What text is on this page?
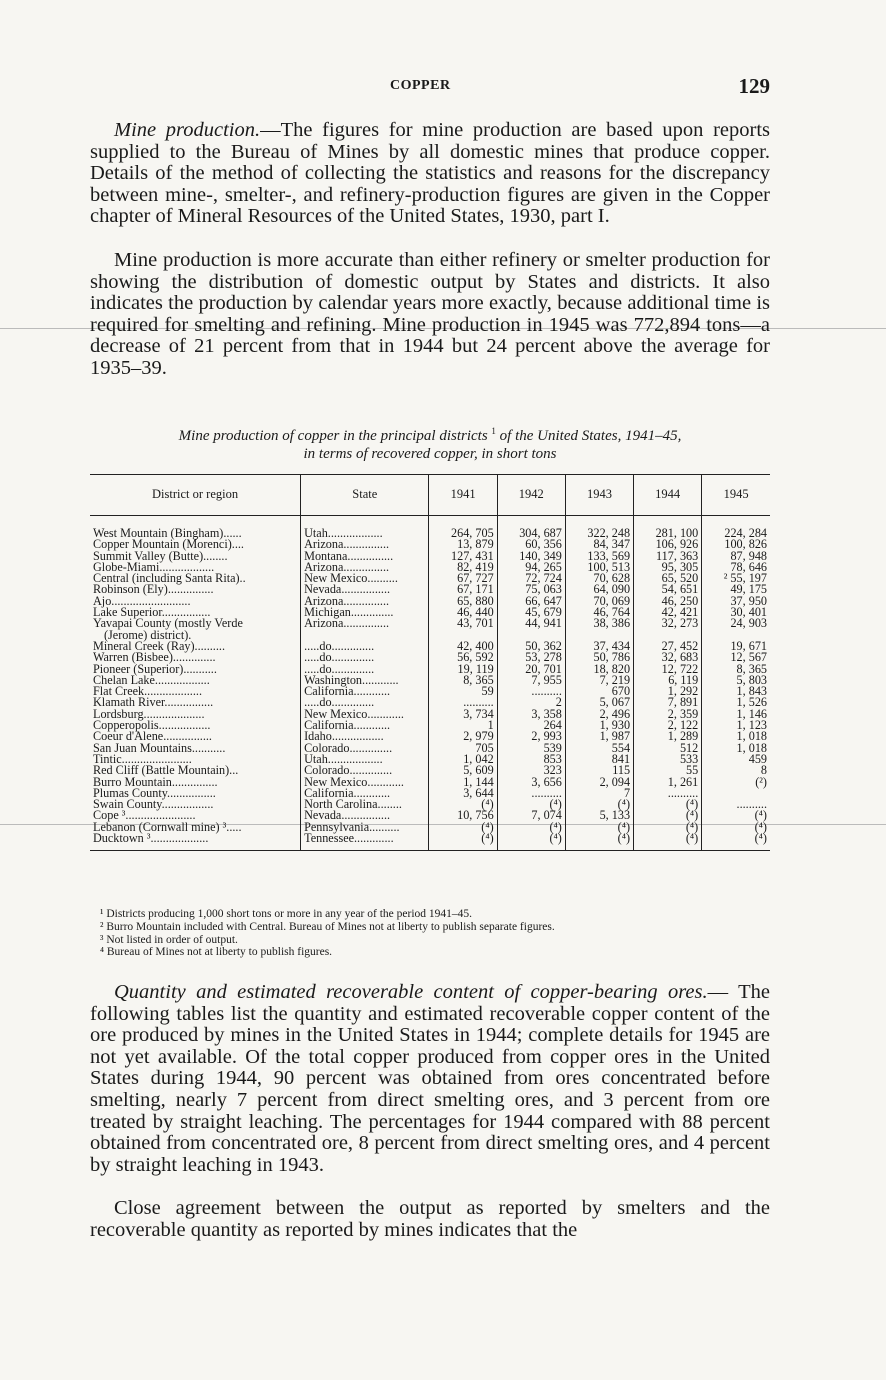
COPPER	129

Mine production.—The figures for mine production are based upon reports supplied to the Bureau of Mines by all domestic mines that produce copper. Details of the method of collecting the statistics and reasons for the discrepancy between mine-, smelter-, and refinery-production figures are given in the Copper chapter of Mineral Resources of the United States, 1930, part I.

Mine production is more accurate than either refinery or smelter production for showing the distribution of domestic output by States and districts. It also indicates the production by calendar years more exactly, because additional time is required for smelting and refining. Mine production in 1945 was 772,894 tons—a decrease of 21 percent from that in 1944 but 24 percent above the average for 1935–39.

Mine production of copper in the principal districts $^1$ of the United States, 1941–45,
in terms of recovered copper, in short tons
District or region	State	1941	1942	1943	1944	1945
West Mountain (Bingham)......	Utah..................	264, 705	304, 687	322, 248	281, 100	224, 284
Copper Mountain (Morenci)....	Arizona...............	13, 879	60, 356	84, 347	106, 926	100, 826
Summit Valley (Butte)........	Montana...............	127, 431	140, 349	133, 569	117, 363	87, 948
Globe-Miami..................	Arizona...............	82, 419	94, 265	100, 513	95, 305	78, 646
Central (including Santa Rita)..	New Mexico..........	67, 727	72, 724	70, 628	65, 520	² 55, 197
Robinson (Ely)...............	Nevada................	67, 171	75, 063	64, 090	54, 651	49, 175
Ajo..........................	Arizona...............	65, 880	66, 647	70, 069	46, 250	37, 950
Lake Superior................	Michigan..............	46, 440	45, 679	46, 764	42, 421	30, 401
Yavapai County (mostly Verde	Arizona...............	43, 701	44, 941	38, 386	32, 273	24, 903
(Jerome) district).						
Mineral Creek (Ray)..........	.....do..............	42, 400	50, 362	37, 434	27, 452	19, 671
Warren (Bisbee)..............	.....do..............	56, 592	53, 278	50, 786	32, 683	12, 567
Pioneer (Superior)...........	.....do..............	19, 119	20, 701	18, 820	12, 722	8, 365
Chelan Lake..................	Washington............	8, 365	7, 955	7, 219	6, 119	5, 803
Flat Creek...................	California............	59	..........	670	1, 292	1, 843
Klamath River................	.....do..............	..........	2	5, 067	7, 891	1, 526
Lordsburg....................	New Mexico............	3, 734	3, 358	2, 496	2, 359	1, 146
Copperopolis.................	California............	1	264	1, 930	2, 122	1, 123
Coeur d'Alene................	Idaho.................	2, 979	2, 993	1, 987	1, 289	1, 018
San Juan Mountains...........	Colorado..............	705	539	554	512	1, 018
Tintic.......................	Utah..................	1, 042	853	841	533	459
Red Cliff (Battle Mountain)...	Colorado..............	5, 609	323	115	55	8
Burro Mountain...............	New Mexico............	1, 144	3, 656	2, 094	1, 261	(²)
Plumas County................	California............	3, 644	..........	7	..........	
Swain County.................	North Carolina........	(⁴)	(⁴)	(⁴)	(⁴)	..........
Cope ³.......................	Nevada................	10, 756	7, 074	5, 133	(⁴)	(⁴)
Lebanon (Cornwall mine) ³.....	Pennsylvania..........	(⁴)	(⁴)	(⁴)	(⁴)	(⁴)
Ducktown ³...................	Tennessee.............	(⁴)	(⁴)	(⁴)	(⁴)	(⁴)
¹ Districts producing 1,000 short tons or more in any year of the period 1941–45.
² Burro Mountain included with Central. Bureau of Mines not at liberty to publish separate figures.
³ Not listed in order of output.
⁴ Bureau of Mines not at liberty to publish figures.

Quantity and estimated recoverable content of copper-bearing ores.— The following tables list the quantity and estimated recoverable copper content of the ore produced by mines in the United States in 1944; complete details for 1945 are not yet available. Of the total copper produced from copper ores in the United States during 1944, 90 percent was obtained from ores concentrated before smelting, nearly 7 percent from direct smelting ores, and 3 percent from ore treated by straight leaching. The percentages for 1944 compared with 88 percent obtained from concentrated ore, 8 percent from direct smelting ores, and 4 percent by straight leaching in 1943.

Close agreement between the output as reported by smelters and the recoverable quantity as reported by mines indicates that the
